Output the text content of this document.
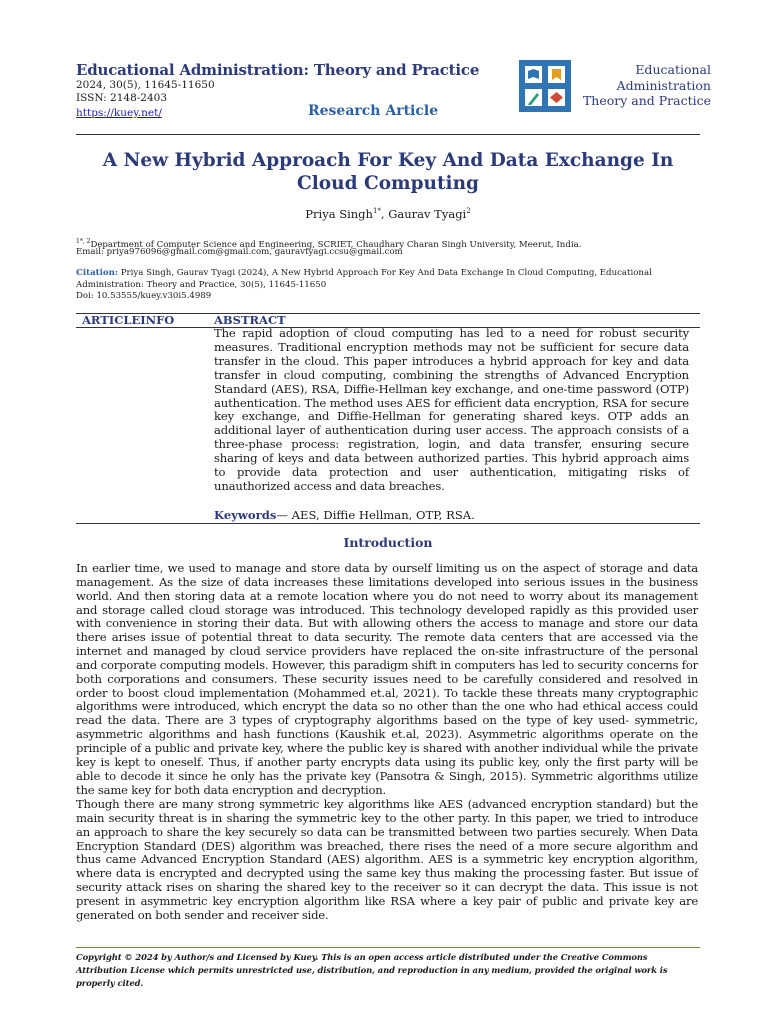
Educational Administration: Theory and Practice
2024, 30(5), 11645-11650
ISSN: 2148-2403
https://kuey.net/	Research Article
Educational
Administration
Theory and Practice
A New Hybrid Approach For Key And Data Exchange In
Cloud Computing
Priya Singh$^{1*}$, Gaurav Tyagi$^2$
$^{1*, 2}$Department of Computer Science and Engineering, SCRIET, Chaudhary Charan Singh University, Meerut, India.
Email: priya976096@gmail.com@gmail.com, gauravtyagi.ccsu@gmail.com
Citation: Priya Singh, Gaurav Tyagi (2024), A New Hybrid Approach For Key And Data Exchange In Cloud Computing, Educational Administration: Theory and Practice, 30(5), 11645-11650
Doi: 10.53555/kuey.v30i5.4989
ARTICLEINFO	ABSTRACT
The rapid adoption of cloud computing has led to a need for robust security measures. Traditional encryption methods may not be sufficient for secure data transfer in the cloud. This paper introduces a hybrid approach for key and data transfer in cloud computing, combining the strengths of Advanced Encryption Standard (AES), RSA, Diffie-Hellman key exchange, and one-time password (OTP) authentication. The method uses AES for efficient data encryption, RSA for secure key exchange, and Diffie-Hellman for generating shared keys. OTP adds an additional layer of authentication during user access. The approach consists of a three-phase process: registration, login, and data transfer, ensuring secure sharing of keys and data between authorized parties. This hybrid approach aims to provide data protection and user authentication, mitigating risks of unauthorized access and data breaches.
Keywords— AES, Diffie Hellman, OTP, RSA.
Introduction
In earlier time, we used to manage and store data by ourself limiting us on the aspect of storage and data management. As the size of data increases these limitations developed into serious issues in the business world. And then storing data at a remote location where you do not need to worry about its management and storage called cloud storage was introduced. This technology developed rapidly as this provided user with convenience in storing their data. But with allowing others the access to manage and store our data there arises issue of potential threat to data security. The remote data centers that are accessed via the internet and managed by cloud service providers have replaced the on-site infrastructure of the personal and corporate computing models. However, this paradigm shift in computers has led to security concerns for both corporations and consumers. These security issues need to be carefully considered and resolved in order to boost cloud implementation (Mohammed et.al, 2021). To tackle these threats many cryptographic algorithms were introduced, which encrypt the data so no other than the one who had ethical access could read the data. There are 3 types of cryptography algorithms based on the type of key used- symmetric, asymmetric algorithms and hash functions (Kaushik et.al, 2023). Asymmetric algorithms operate on the principle of a public and private key, where the public key is shared with another individual while the private key is kept to oneself. Thus, if another party encrypts data using its public key, only the first party will be able to decode it since he only has the private key (Pansotra & Singh, 2015). Symmetric algorithms utilize the same key for both data encryption and decryption.
Though there are many strong symmetric key algorithms like AES (advanced encryption standard) but the main security threat is in sharing the symmetric key to the other party. In this paper, we tried to introduce an approach to share the key securely so data can be transmitted between two parties securely. When Data Encryption Standard (DES) algorithm was breached, there rises the need of a more secure algorithm and thus came Advanced Encryption Standard (AES) algorithm. AES is a symmetric key encryption algorithm, where data is encrypted and decrypted using the same key thus making the processing faster. But issue of security attack rises on sharing the shared key to the receiver so it can decrypt the data. This issue is not present in asymmetric key encryption algorithm like RSA where a key pair of public and private key are generated on both sender and receiver side.
Copyright © 2024 by Author/s and Licensed by Kuey. This is an open access article distributed under the Creative Commons Attribution License which permits unrestricted use, distribution, and reproduction in any medium, provided the original work is properly cited.
